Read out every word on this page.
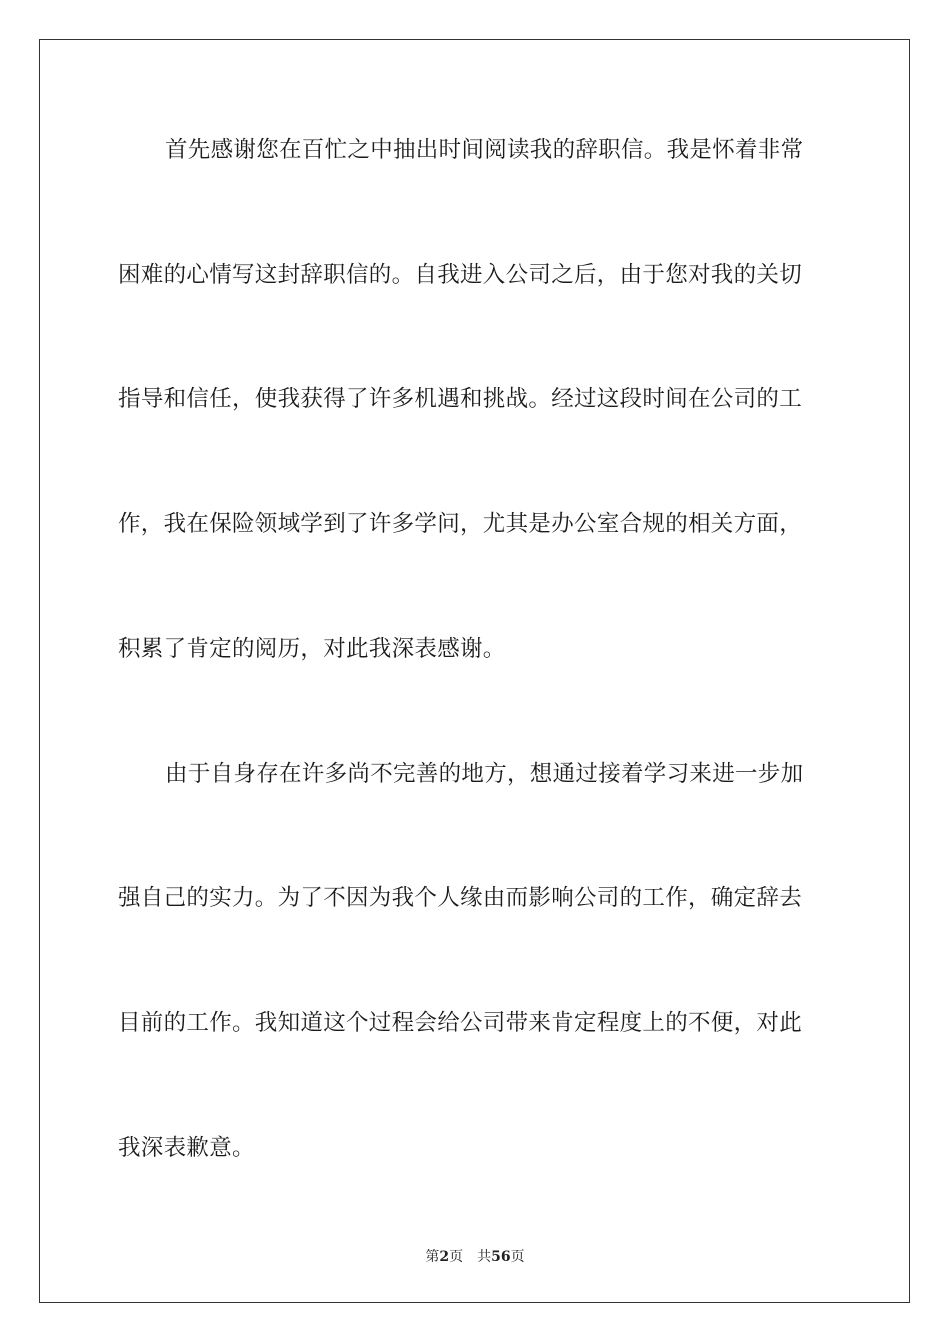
首先感谢您在百忙之中抽出时间阅读我的辞职信。我是怀着非常
困难的心情写这封辞职信的。自我进入公司之后，由于您对我的关切
指导和信任，使我获得了许多机遇和挑战。经过这段时间在公司的工
作，我在保险领域学到了许多学问，尤其是办公室合规的相关方面，
积累了肯定的阅历，对此我深表感谢。
由于自身存在许多尚不完善的地方，想通过接着学习来进一步加
强自己的实力。为了不因为我个人缘由而影响公司的工作，确定辞去
目前的工作。我知道这个过程会给公司带来肯定程度上的不便，对此
我深表歉意。
第2页 共56页
